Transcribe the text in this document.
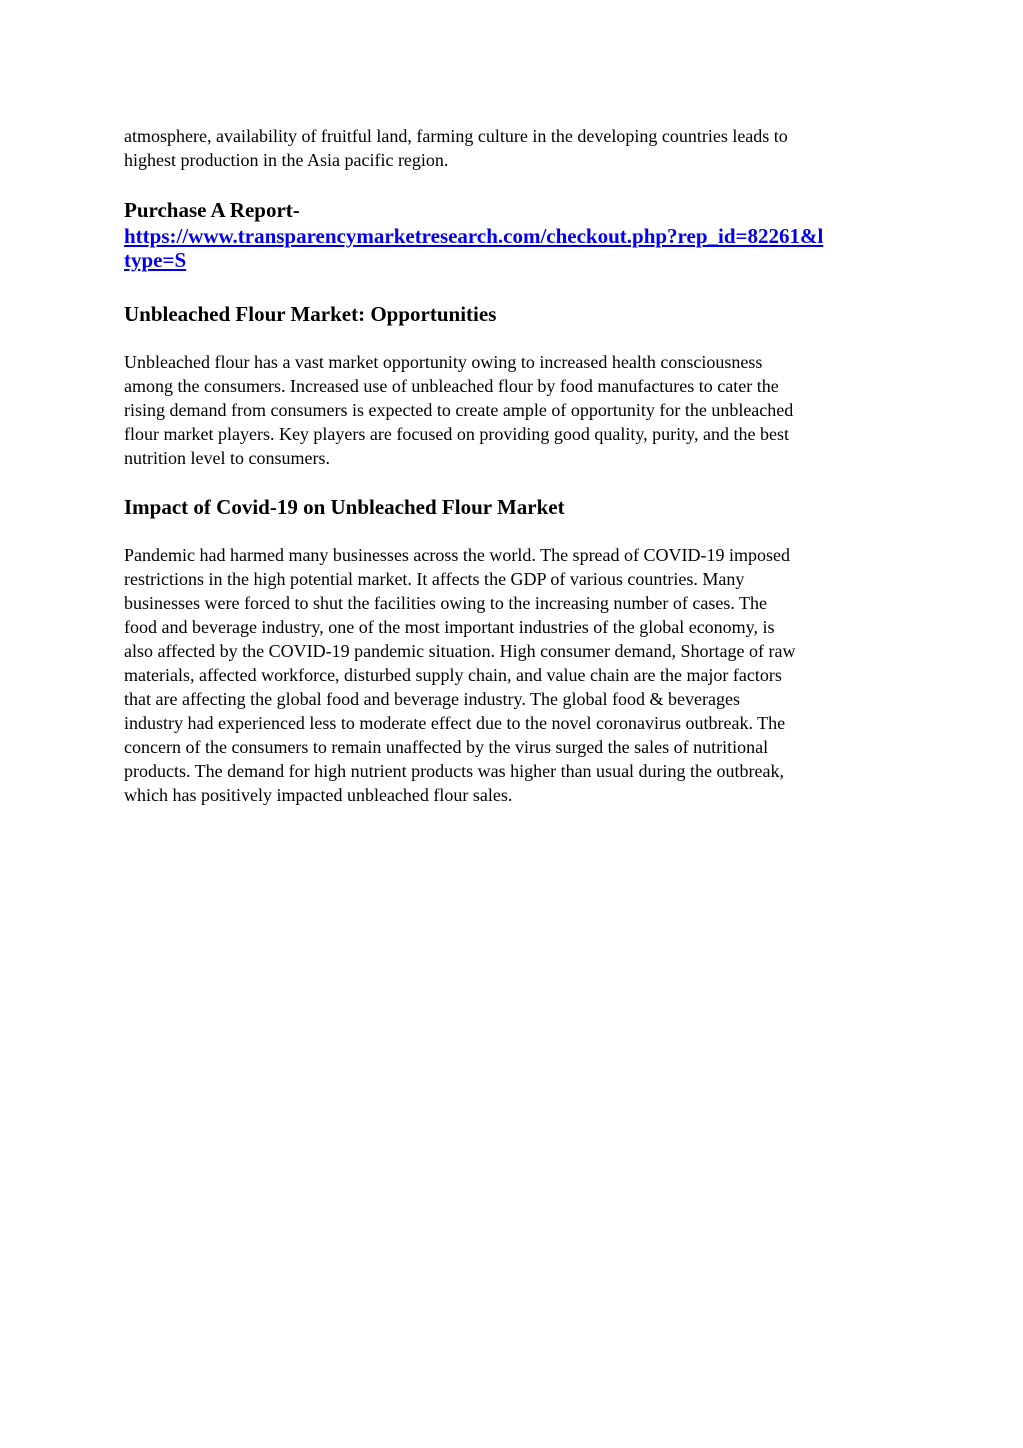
atmosphere, availability of fruitful land, farming culture in the developing countries leads to
highest production in the Asia pacific region.

Purchase A Report-
https://www.transparencymarketresearch.com/checkout.php?rep_id=82261&l
type=S
Unbleached Flour Market: Opportunities

Unbleached flour has a vast market opportunity owing to increased health consciousness
among the consumers. Increased use of unbleached flour by food manufactures to cater the
rising demand from consumers is expected to create ample of opportunity for the unbleached
flour market players. Key players are focused on providing good quality, purity, and the best
nutrition level to consumers.

Impact of Covid-19 on Unbleached Flour Market

Pandemic had harmed many businesses across the world. The spread of COVID-19 imposed
restrictions in the high potential market. It affects the GDP of various countries. Many
businesses were forced to shut the facilities owing to the increasing number of cases. The
food and beverage industry, one of the most important industries of the global economy, is
also affected by the COVID-19 pandemic situation. High consumer demand, Shortage of raw
materials, affected workforce, disturbed supply chain, and value chain are the major factors
that are affecting the global food and beverage industry. The global food & beverages
industry had experienced less to moderate effect due to the novel coronavirus outbreak. The
concern of the consumers to remain unaffected by the virus surged the sales of nutritional
products. The demand for high nutrient products was higher than usual during the outbreak,
which has positively impacted unbleached flour sales.
